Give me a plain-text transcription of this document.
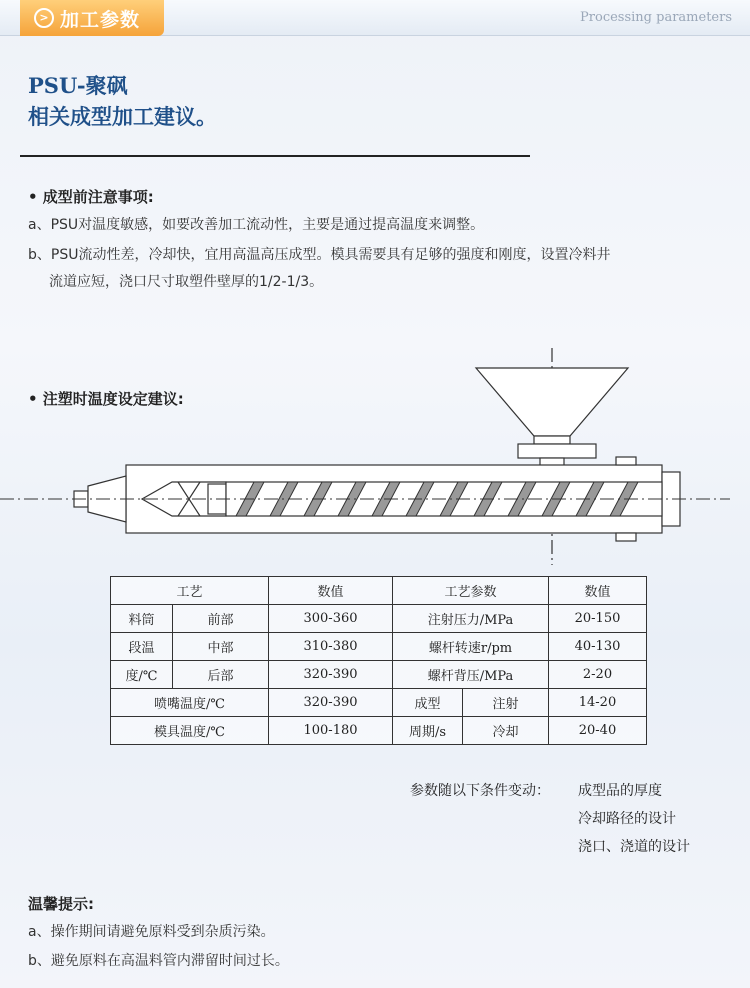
> 加工参数	Processing parameters
PSU-聚砜
相关成型加工建议。
• 成型前注意事项:
a、PSU对温度敏感，如要改善加工流动性，主要是通过提高温度来调整。
b、PSU流动性差，冷却快，宜用高温高压成型。模具需要具有足够的强度和刚度，设置冷料井
流道应短，浇口尺寸取塑件壁厚的1/2-1/3。
• 注塑时温度设定建议:
工艺		数值	工艺参数		数值
料筒	前部	300-360	注射压力/MPa		20-150
段温	中部	310-380	螺杆转速r/pm		40-130
度/℃	后部	320-390	螺杆背压/MPa		2-20
喷嘴温度/℃		320-390	成型	注射	14-20
模具温度/℃		100-180	周期/s	冷却	20-40
参数随以下条件变动： 成型品的厚度
冷却路径的设计
浇口、浇道的设计
温馨提示:
a、操作期间请避免原料受到杂质污染。
b、避免原料在高温料管内滞留时间过长。
